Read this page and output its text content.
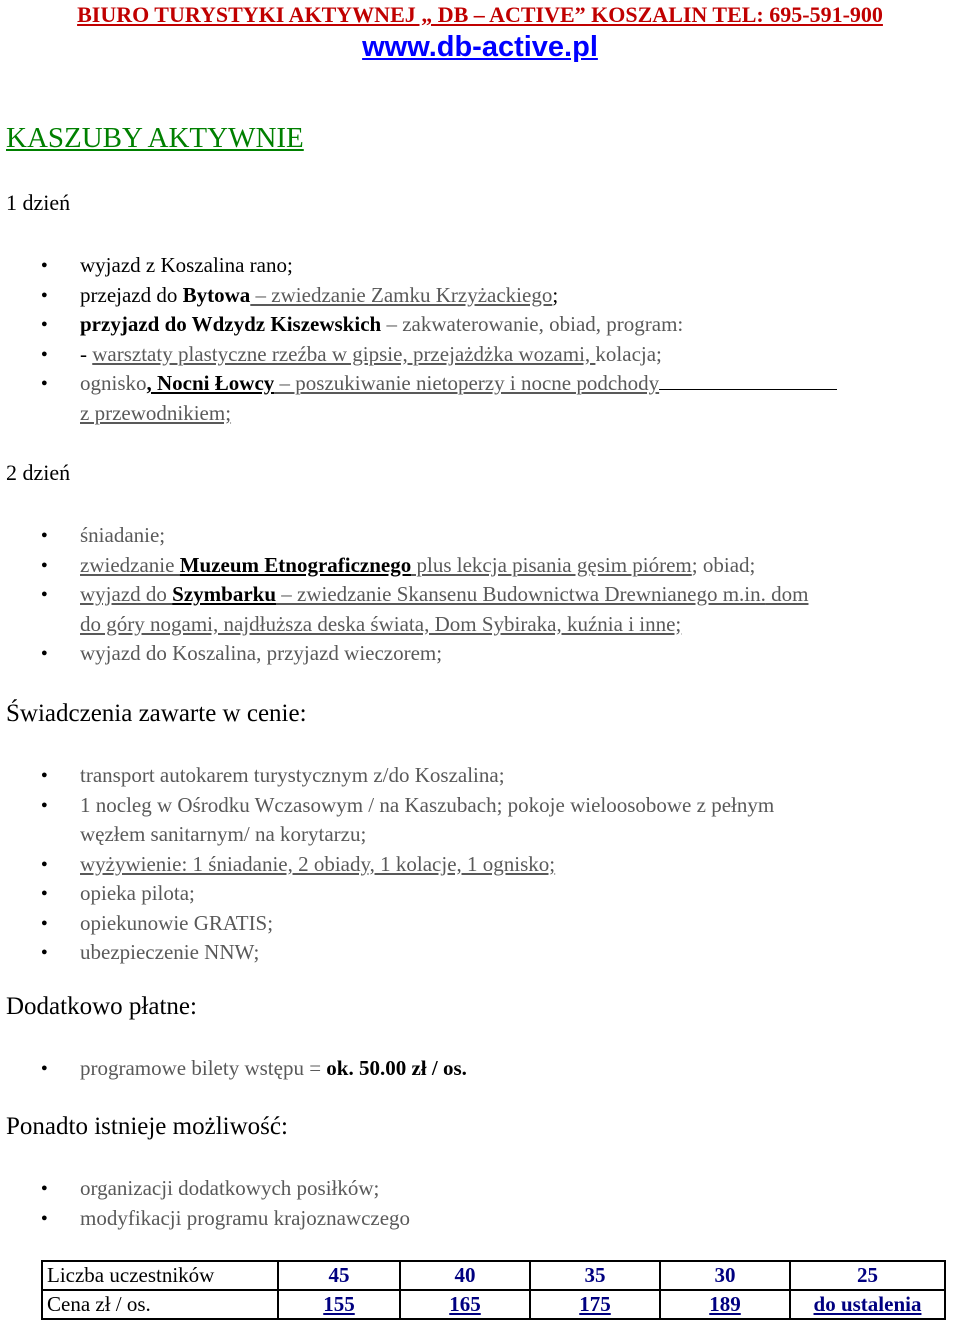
BIURO TURYSTYKI AKTYWNEJ „ DB – ACTIVE” KOSZALIN TEL: 695-591-900
www.db-active.pl
KASZUBY AKTYWNIE
1 dzień
● wyjazd z Koszalina rano;
● przejazd do Bytowa – zwiedzanie Zamku Krzyżackiego;
● przyjazd do Wdzydz Kiszewskich – zakwaterowanie, obiad, program:
● - warsztaty plastyczne rzeźba w gipsie, przejażdżka wozami, kolacja;
● ognisko, Nocni Łowcy – poszukiwanie nietoperzy i nocne podchody
z przewodnikiem;
2 dzień
● śniadanie;
● zwiedzanie Muzeum Etnograficznego plus lekcja pisania gęsim piórem; obiad;
● wyjazd do Szymbarku – zwiedzanie Skansenu Budownictwa Drewnianego m.in. dom
do góry nogami, najdłuższa deska świata, Dom Sybiraka, kuźnia i inne;
● wyjazd do Koszalina, przyjazd wieczorem;
Świadczenia zawarte w cenie:
● transport autokarem turystycznym z/do Koszalina;
● 1 nocleg w Ośrodku Wczasowym / na Kaszubach; pokoje wieloosobowe z pełnym
węzłem sanitarnym/ na korytarzu;
● wyżywienie: 1 śniadanie, 2 obiady, 1 kolacje, 1 ognisko;
● opieka pilota;
● opiekunowie GRATIS;
● ubezpieczenie NNW;
Dodatkowo płatne:
● programowe bilety wstępu = ok. 50.00 zł / os.
Ponadto istnieje możliwość:
● organizacji dodatkowych posiłków;
● modyfikacji programu krajoznawczego
Liczba uczestników	45	40	35	30	25
Cena zł / os.	155	165	175	189	do ustalenia
